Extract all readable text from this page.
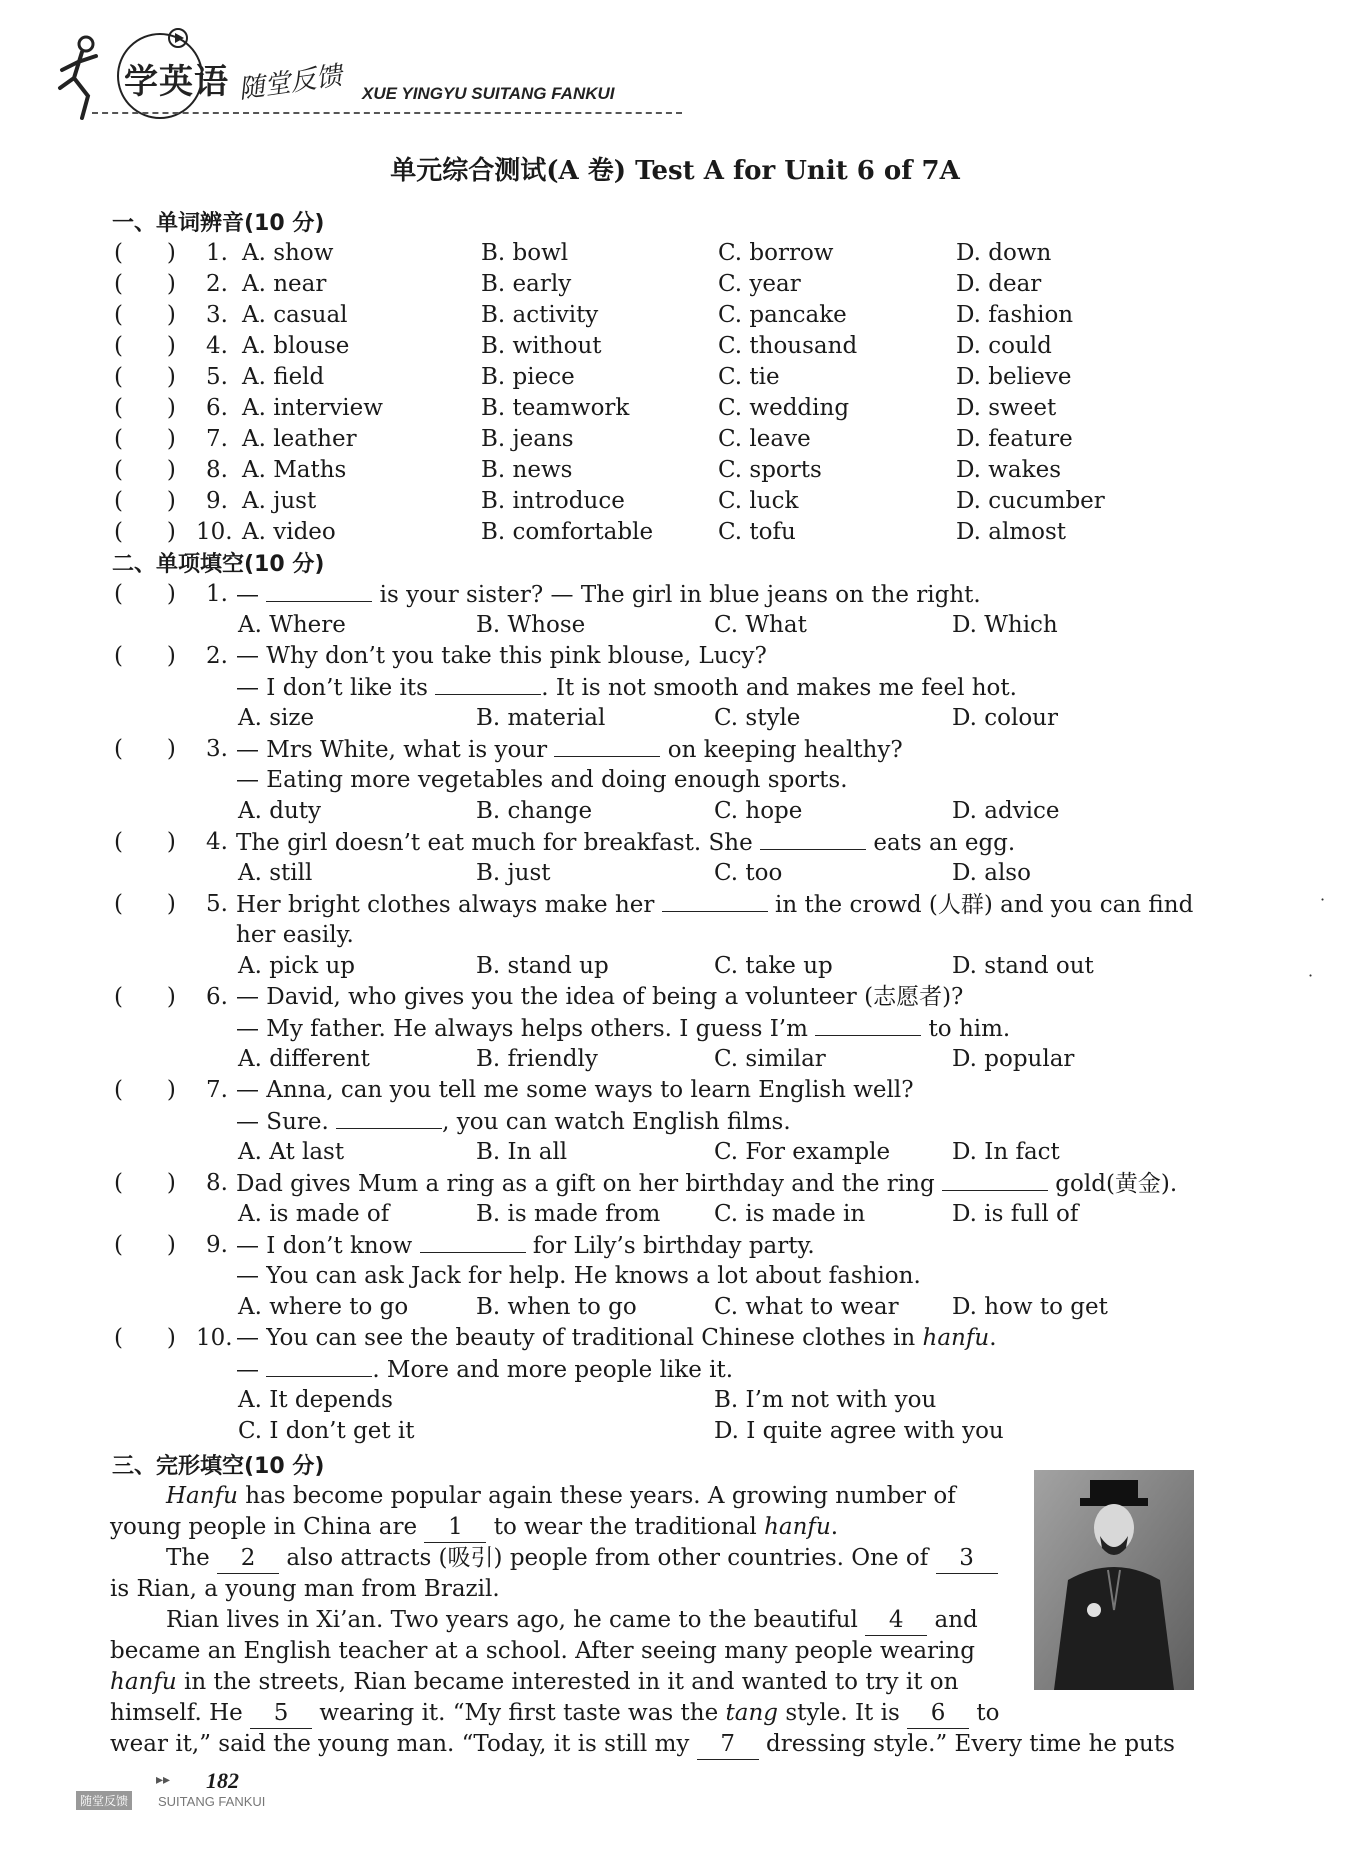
学英语 随堂反馈 XUE YINGYU SUITANG FANKUI
单元综合测试(A 卷) Test A for Unit 6 of 7A
一、单词辨音(10 分)
(      ) 1. A. show	B. bowl	C. borrow	D. down
(      ) 2. A. near	B. early	C. year	D. dear
(      ) 3. A. casual	B. activity	C. pancake	D. fashion
(      ) 4. A. blouse	B. without	C. thousand	D. could
(      ) 5. A. field	B. piece	C. tie	D. believe
(      ) 6. A. interview	B. teamwork	C. wedding	D. sweet
(      ) 7. A. leather	B. jeans	C. leave	D. feature
(      ) 8. A. Maths	B. news	C. sports	D. wakes
(      ) 9. A. just	B. introduce	C. luck	D. cucumber
(      ) 10. A. video	B. comfortable	C. tofu	D. almost
二、单项填空(10 分)
(      ) 1. —	is your sister? — The girl in blue jeans on the right.
A. Where	B. Whose	C. What	D. Which
(      ) 2. — Why don’t you take this pink blouse, Lucy?
— I don’t like its	. It is not smooth and makes me feel hot.
A. size	B. material	C. style	D. colour
(      ) 3. — Mrs White, what is your	on keeping healthy?
— Eating more vegetables and doing enough sports.
A. duty	B. change	C. hope	D. advice
(      ) 4. The girl doesn’t eat much for breakfast. She	eats an egg.
A. still	B. just	C. too	D. also
(      ) 5. Her bright clothes always make her	in the crowd (人群) and you can find
her easily.
A. pick up	B. stand up	C. take up	D. stand out
(      ) 6. — David, who gives you the idea of being a volunteer (志愿者)?
— My father. He always helps others. I guess I’m	to him.
A. different	B. friendly	C. similar	D. popular
(      ) 7. — Anna, can you tell me some ways to learn English well?
— Sure.	, you can watch English films.
A. At last	B. In all	C. For example	D. In fact
(      ) 8. Dad gives Mum a ring as a gift on her birthday and the ring	gold(黄金).
A. is made of	B. is made from C. is made in	D. is full of
(      ) 9. — I don’t know	for Lily’s birthday party.
— You can ask Jack for help. He knows a lot about fashion.
A. where to go	B. when to go	C. what to wear D. how to get
(      ) 10. — You can see the beauty of traditional Chinese clothes in hanfu.
—	. More and more people like it.
A. It depends	B. I’m not with you
C. I don’t get it	D. I quite agree with you
三、完形填空(10 分)
Hanfu has become popular again these years. A growing number of
young people in China are 1 to wear the traditional hanfu.
The 2 also attracts (吸引) people from other countries. One of 3
is Rian, a young man from Brazil.
Rian lives in Xi’an. Two years ago, he came to the beautiful 4 and
became an English teacher at a school. After seeing many people wearing
hanfu in the streets, Rian became interested in it and wanted to try it on
himself. He 5 wearing it. “My first taste was the tang style. It is 6 to
wear it,” said the young man. “Today, it is still my 7 dressing style.” Every time he puts
·
·
▸▸ 182
随堂反馈	SUITANG FANKUI
